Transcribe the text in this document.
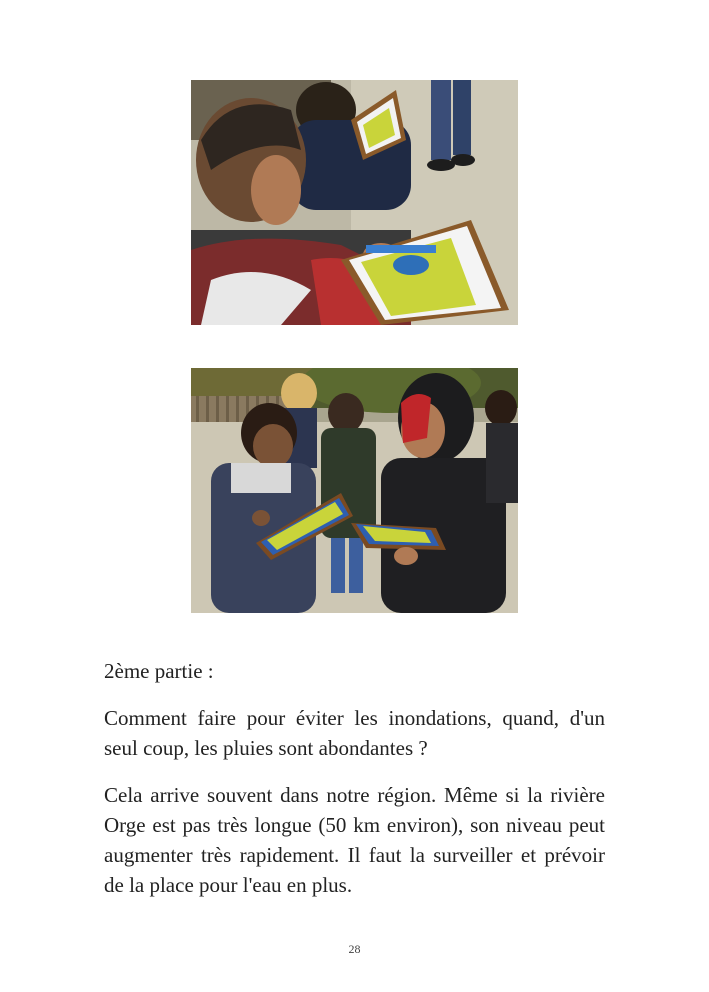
2ème partie :
Comment faire pour éviter les inondations, quand, d'un seul coup, les pluies sont abondantes ?
Cela arrive souvent dans notre région. Même si la rivière Orge est pas très longue (50 km environ), son niveau peut augmenter très rapidement. Il faut la surveiller et prévoir de la place pour l'eau en plus.
28
